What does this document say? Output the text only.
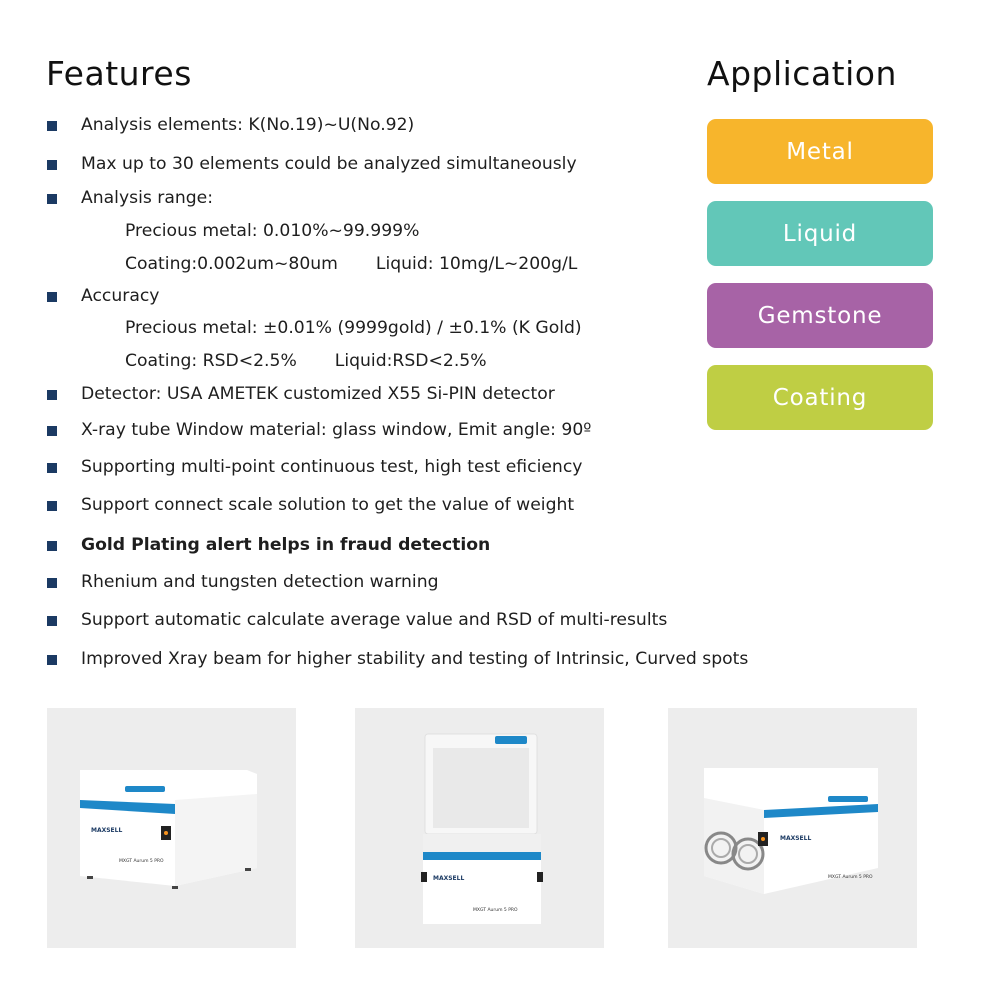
Features	Application
Analysis elements: K(No.19)~U(No.92)
Max up to 30 elements could be analyzed simultaneously
Analysis range:
Precious metal: 0.010%~99.999%
Coating:0.002um~80um Liquid: 10mg/L~200g/L
Accuracy
Precious metal: ±0.01% (9999gold) / ±0.1% (K Gold)
Coating: RSD<2.5% Liquid:RSD<2.5%
Detector: USA AMETEK customized X55 Si-PIN detector
X-ray tube Window material: glass window, Emit angle: 90º
Supporting multi-point continuous test, high test eficiency
Support connect scale solution to get the value of weight
Gold Plating alert helps in fraud detection
Rhenium and tungsten detection warning
Support automatic calculate average value and RSD of multi-results
Improved Xray beam for higher stability and testing of Intrinsic, Curved spots
Metal
Liquid
Gemstone
Coating
MAXSELL
MXGT Aurum 5 PRO
MAXSELL
MXGT Aurum 5 PRO
MAXSELL
MXGT Aurum 5 PRO
